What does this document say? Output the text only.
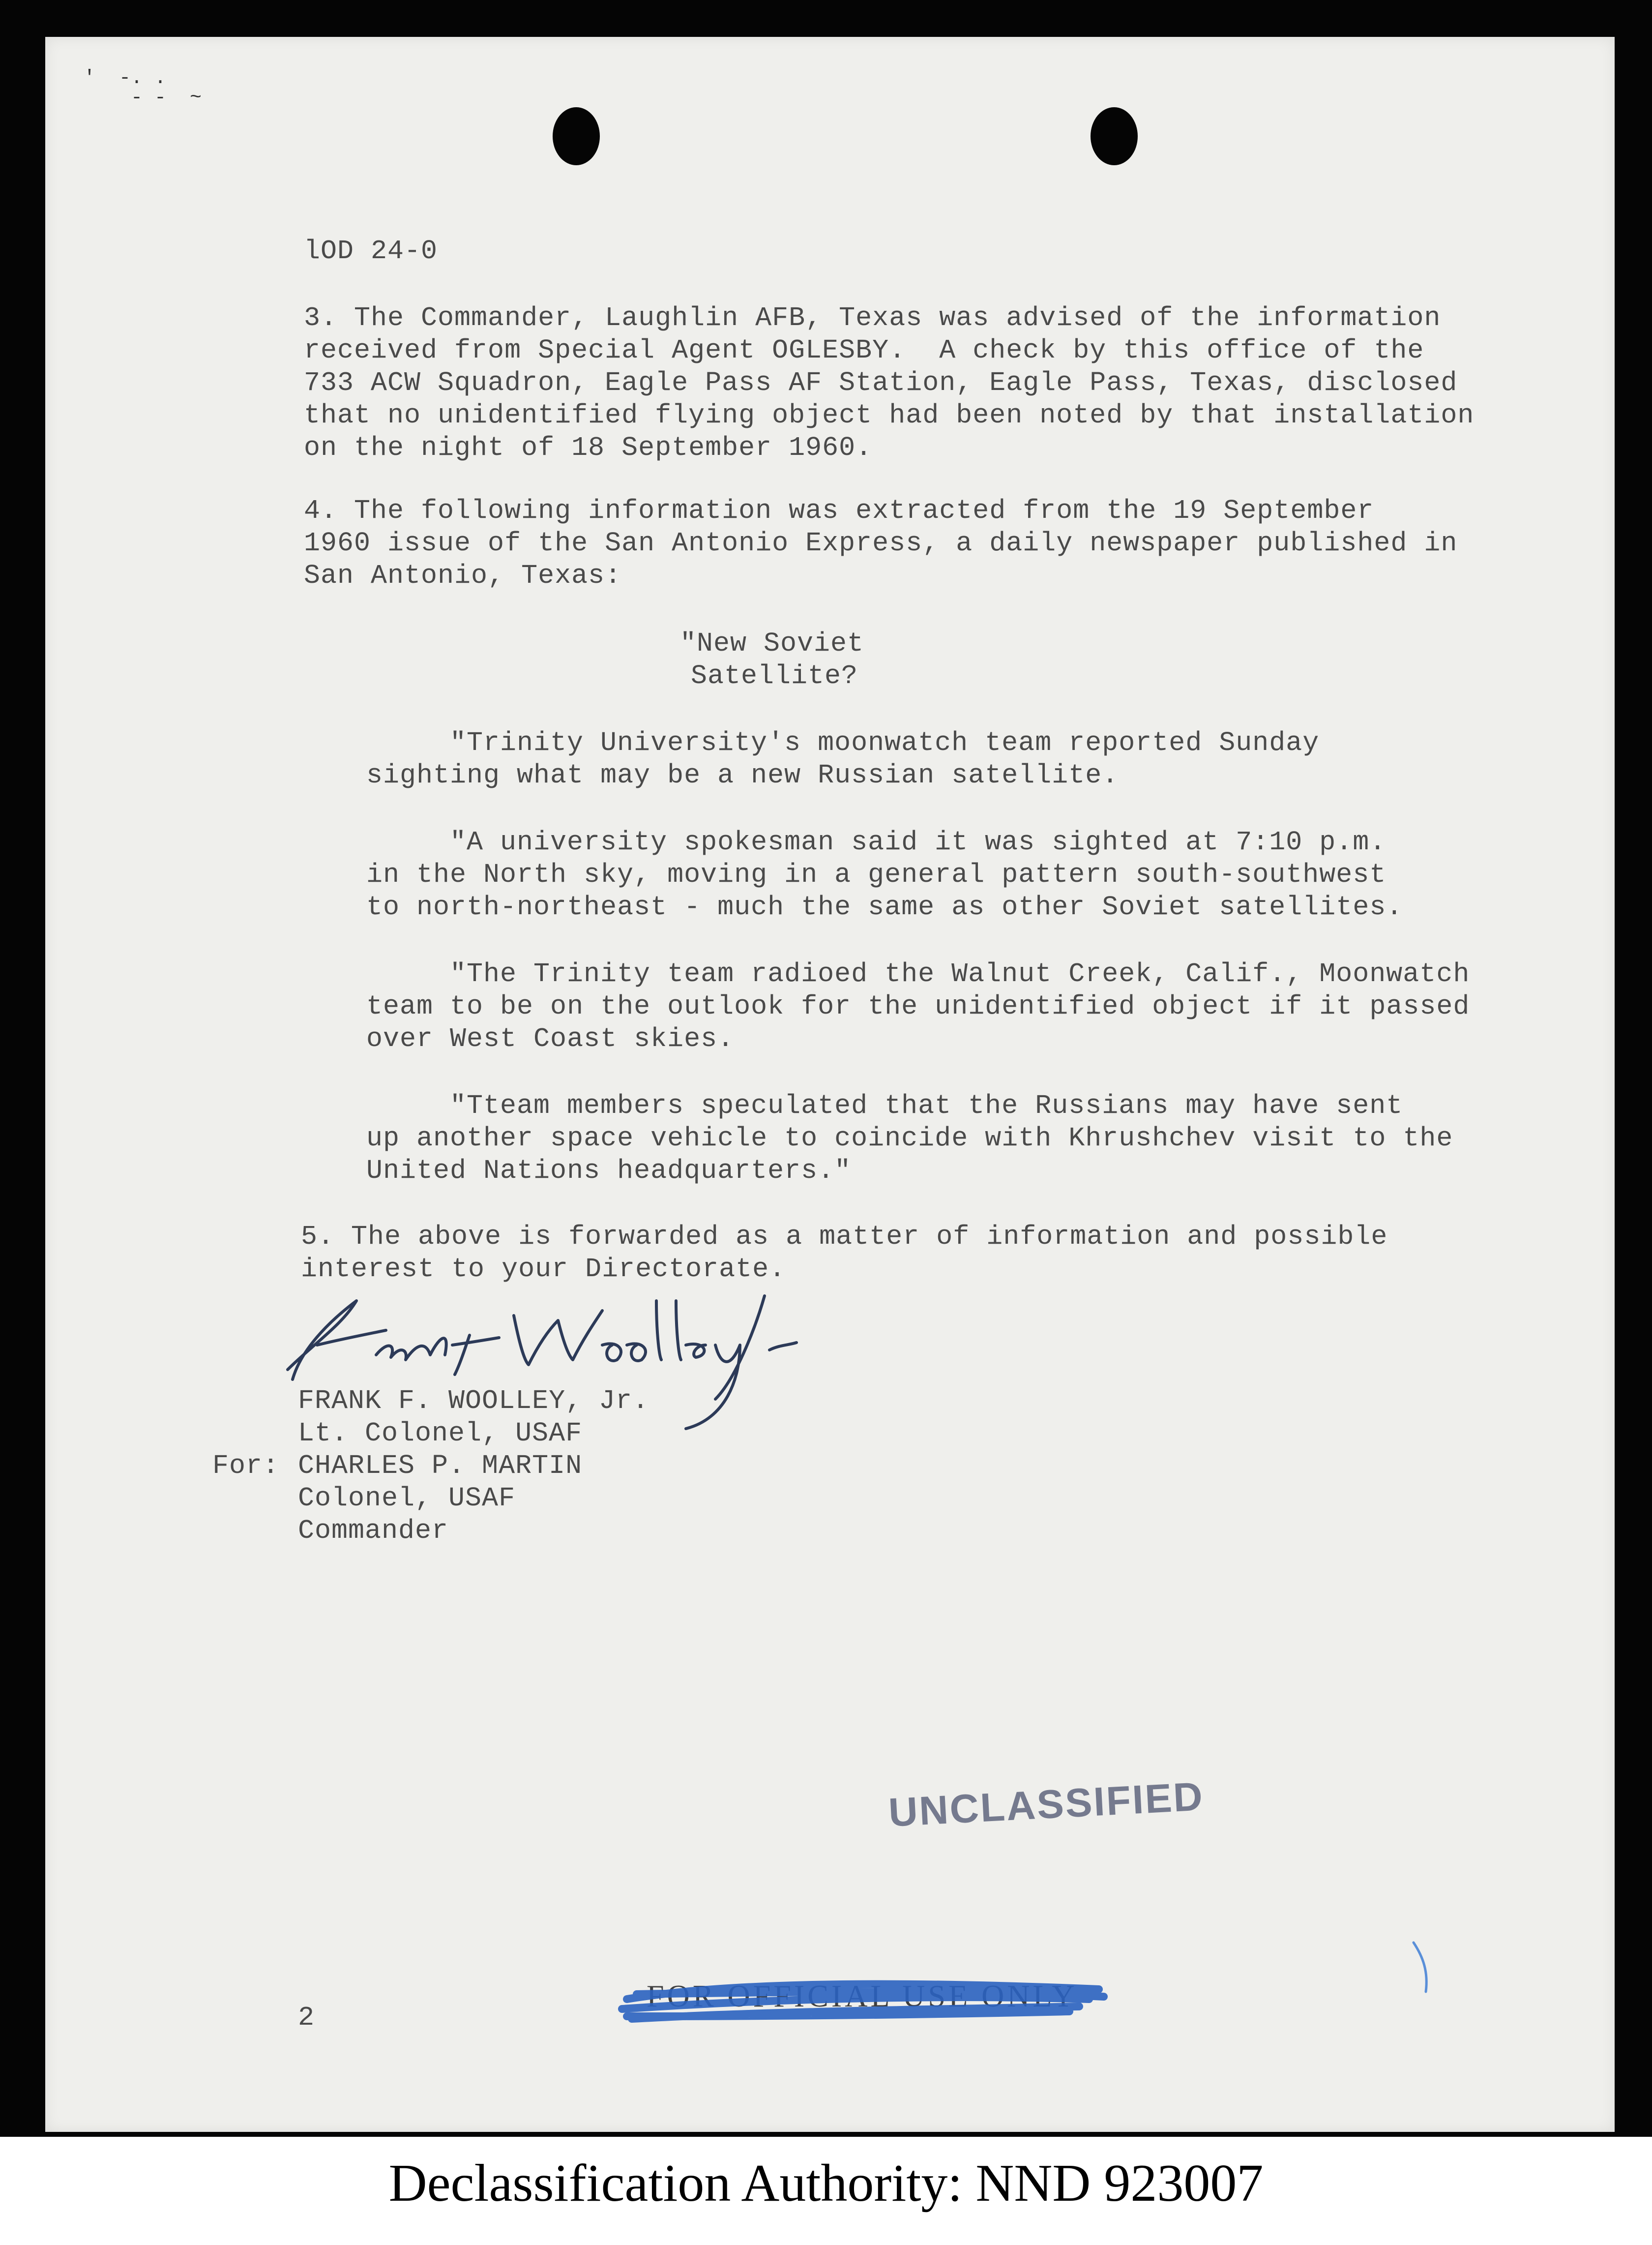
'  -. .
- -  ~
lOD 24-0
3. The Commander, Laughlin AFB, Texas was advised of the information
received from Special Agent OGLESBY.  A check by this office of the
733 ACW Squadron, Eagle Pass AF Station, Eagle Pass, Texas, disclosed
that no unidentified flying object had been noted by that installation
on the night of 18 September 1960.
4. The following information was extracted from the 19 September
1960 issue of the San Antonio Express, a daily newspaper published in
San Antonio, Texas:
"New Soviet
Satellite?
"Trinity University's moonwatch team reported Sunday
sighting what may be a new Russian satellite.
"A university spokesman said it was sighted at 7:10 p.m.
in the North sky, moving in a general pattern south-southwest
to north-northeast - much the same as other Soviet satellites.
"The Trinity team radioed the Walnut Creek, Calif., Moonwatch
team to be on the outlook for the unidentified object if it passed
over West Coast skies.
"Tteam members speculated that the Russians may have sent
up another space vehicle to coincide with Khrushchev visit to the
United Nations headquarters."
5. The above is forwarded as a matter of information and possible
interest to your Directorate.
FRANK F. WOOLLEY, Jr.
Lt. Colonel, USAF
For: CHARLES P. MARTIN
Colonel, USAF
Commander
UNCLASSIFIED
2
FOR OFFICIAL USE ONLY
Declassification Authority: NND 923007
